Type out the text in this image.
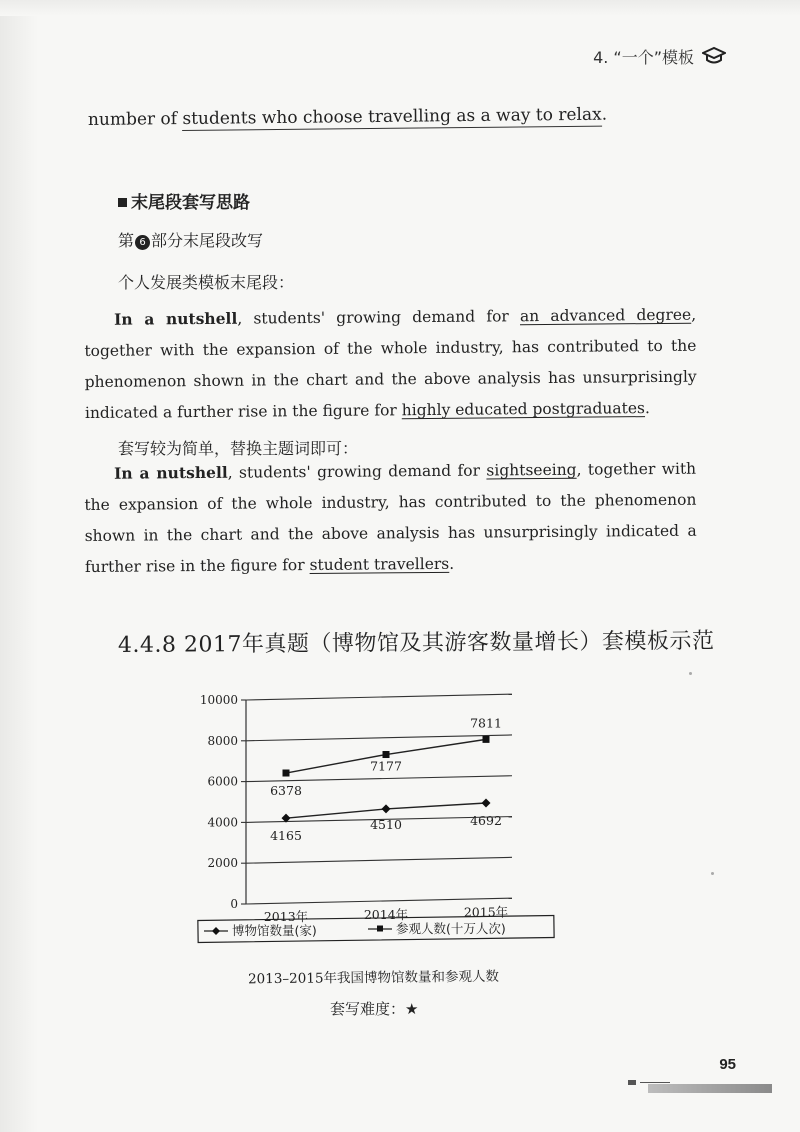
4. “一个”模板
number of students who choose travelling as a way to relax.
末尾段套写思路
第 6 部分末尾段改写
个人发展类模板末尾段：
In a nutshell, students' growing demand for an advanced degree, together with the expansion of the whole industry, has contributed to the phenomenon shown in the chart and the above analysis has unsurprisingly indicated a further rise in the figure for highly educated postgraduates.
套写较为简单，替换主题词即可：
In a nutshell, students' growing demand for sightseeing, together with the expansion of the whole industry, has contributed to the phenomenon shown in the chart and the above analysis has unsurprisingly indicated a further rise in the figure for student travellers.
4.4.8 2017年真题（博物馆及其游客数量增长）套模板示范
10000
8000
6000
4000
2000
0
2013年	2014年	2015年
6378
7177
7811
4165
4510	4692
博物馆数量(家)	参观人数(十万人次)
2013–2015年我国博物馆数量和参观人数
套写难度：★
95
